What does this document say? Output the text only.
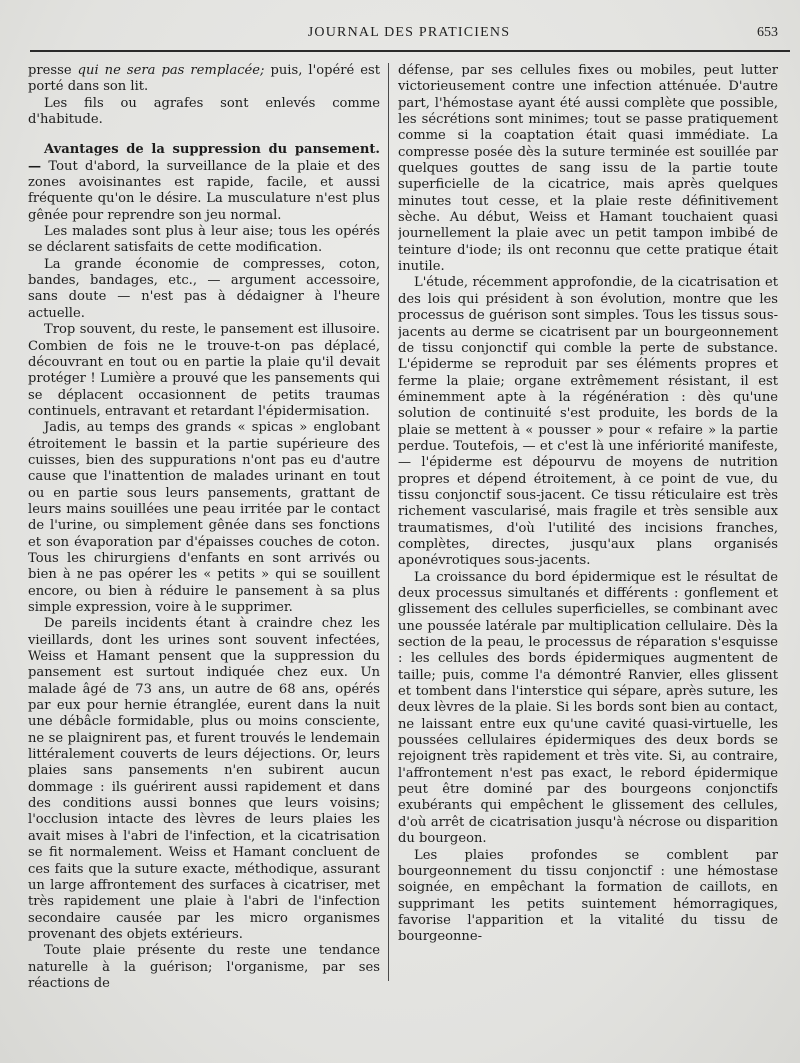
JOURNAL DES PRATICIENS	653

presse qui ne sera pas remplacée; puis, l'opéré est porté dans son lit.

Les fils ou agrafes sont enlevés comme d'habitude.

Avantages de la suppression du pansement. — Tout d'abord, la surveillance de la plaie et des zones avoisinantes est rapide, facile, et aussi fréquente qu'on le désire. La musculature n'est plus gênée pour reprendre son jeu normal.

Les malades sont plus à leur aise; tous les opérés se déclarent satisfaits de cette modification.

La grande économie de compresses, coton, bandes, bandages, etc., — argument accessoire, sans doute — n'est pas à dédaigner à l'heure actuelle.

Trop souvent, du reste, le pansement est illusoire. Combien de fois ne le trouve-t-on pas déplacé, découvrant en tout ou en partie la plaie qu'il devait protéger ! Lumière a prouvé que les pansements qui se déplacent occasionnent de petits traumas continuels, entravant et retardant l'épidermisation.

Jadis, au temps des grands « spicas » englobant étroitement le bassin et la partie supérieure des cuisses, bien des suppurations n'ont pas eu d'autre cause que l'inattention de malades urinant en tout ou en partie sous leurs pansements, grattant de leurs mains souillées une peau irritée par le contact de l'urine, ou simplement gênée dans ses fonctions et son évaporation par d'épaisses couches de coton. Tous les chirurgiens d'enfants en sont arrivés ou bien à ne pas opérer les « petits » qui se souillent encore, ou bien à réduire le pansement à sa plus simple expression, voire à le supprimer.

De pareils incidents étant à craindre chez les vieillards, dont les urines sont souvent infectées, Weiss et Hamant pensent que la suppression du pansement est surtout indiquée chez eux. Un malade âgé de 73 ans, un autre de 68 ans, opérés par eux pour hernie étranglée, eurent dans la nuit une débâcle formidable, plus ou moins consciente, ne se plaignirent pas, et furent trouvés le lendemain littéralement couverts de leurs déjections. Or, leurs plaies sans pansements n'en subirent aucun dommage : ils guérirent aussi rapidement et dans des conditions aussi bonnes que leurs voisins; l'occlusion intacte des lèvres de leurs plaies les avait mises à l'abri de l'infection, et la cicatrisation se fit normalement. Weiss et Hamant concluent de ces faits que la suture exacte, méthodique, assurant un large affrontement des surfaces à cicatriser, met très rapidement une plaie à l'abri de l'infection secondaire causée par les micro organismes provenant des objets extérieurs.

Toute plaie présente du reste une tendance naturelle à la guérison; l'organisme, par ses réactions de

défense, par ses cellules fixes ou mobiles, peut lutter victorieusement contre une infection atténuée. D'autre part, l'hémostase ayant été aussi complète que possible, les sécrétions sont minimes; tout se passe pratiquement comme si la coaptation était quasi immédiate. La compresse posée dès la suture terminée est souillée par quelques gouttes de sang issu de la partie toute superficielle de la cicatrice, mais après quelques minutes tout cesse, et la plaie reste définitivement sèche. Au début, Weiss et Hamant touchaient quasi journellement la plaie avec un petit tampon imbibé de teinture d'iode; ils ont reconnu que cette pratique était inutile.

L'étude, récemment approfondie, de la cicatrisation et des lois qui président à son évolution, montre que les processus de guérison sont simples. Tous les tissus sous-jacents au derme se cicatrisent par un bourgeonnement de tissu conjonctif qui comble la perte de substance. L'épiderme se reproduit par ses éléments propres et ferme la plaie; organe extrêmement résistant, il est éminemment apte à la régénération : dès qu'une solution de continuité s'est produite, les bords de la plaie se mettent à « pousser » pour « refaire » la partie perdue. Toutefois, — et c'est là une infériorité manifeste, — l'épiderme est dépourvu de moyens de nutrition propres et dépend étroitement, à ce point de vue, du tissu conjonctif sous-jacent. Ce tissu réticulaire est très richement vascularisé, mais fragile et très sensible aux traumatismes, d'où l'utilité des incisions franches, complètes, directes, jusqu'aux plans organisés aponévrotiques sous-jacents.

La croissance du bord épidermique est le résultat de deux processus simultanés et différents : gonflement et glissement des cellules superficielles, se combinant avec une poussée latérale par multiplication cellulaire. Dès la section de la peau, le processus de réparation s'esquisse : les cellules des bords épidermiques augmentent de taille; puis, comme l'a démontré Ranvier, elles glissent et tombent dans l'interstice qui sépare, après suture, les deux lèvres de la plaie. Si les bords sont bien au contact, ne laissant entre eux qu'une cavité quasi-virtuelle, les poussées cellulaires épidermiques des deux bords se rejoignent très rapidement et très vite. Si, au contraire, l'affrontement n'est pas exact, le rebord épidermique peut être dominé par des bourgeons conjonctifs exubérants qui empêchent le glissement des cellules, d'où arrêt de cicatrisation jusqu'à nécrose ou disparition du bourgeon.

Les plaies profondes se comblent par bourgeonnement du tissu conjonctif : une hémostase soignée, en empêchant la formation de caillots, en supprimant les petits suintement hémorragiques, favorise l'apparition et la vitalité du tissu de bourgeonne-
